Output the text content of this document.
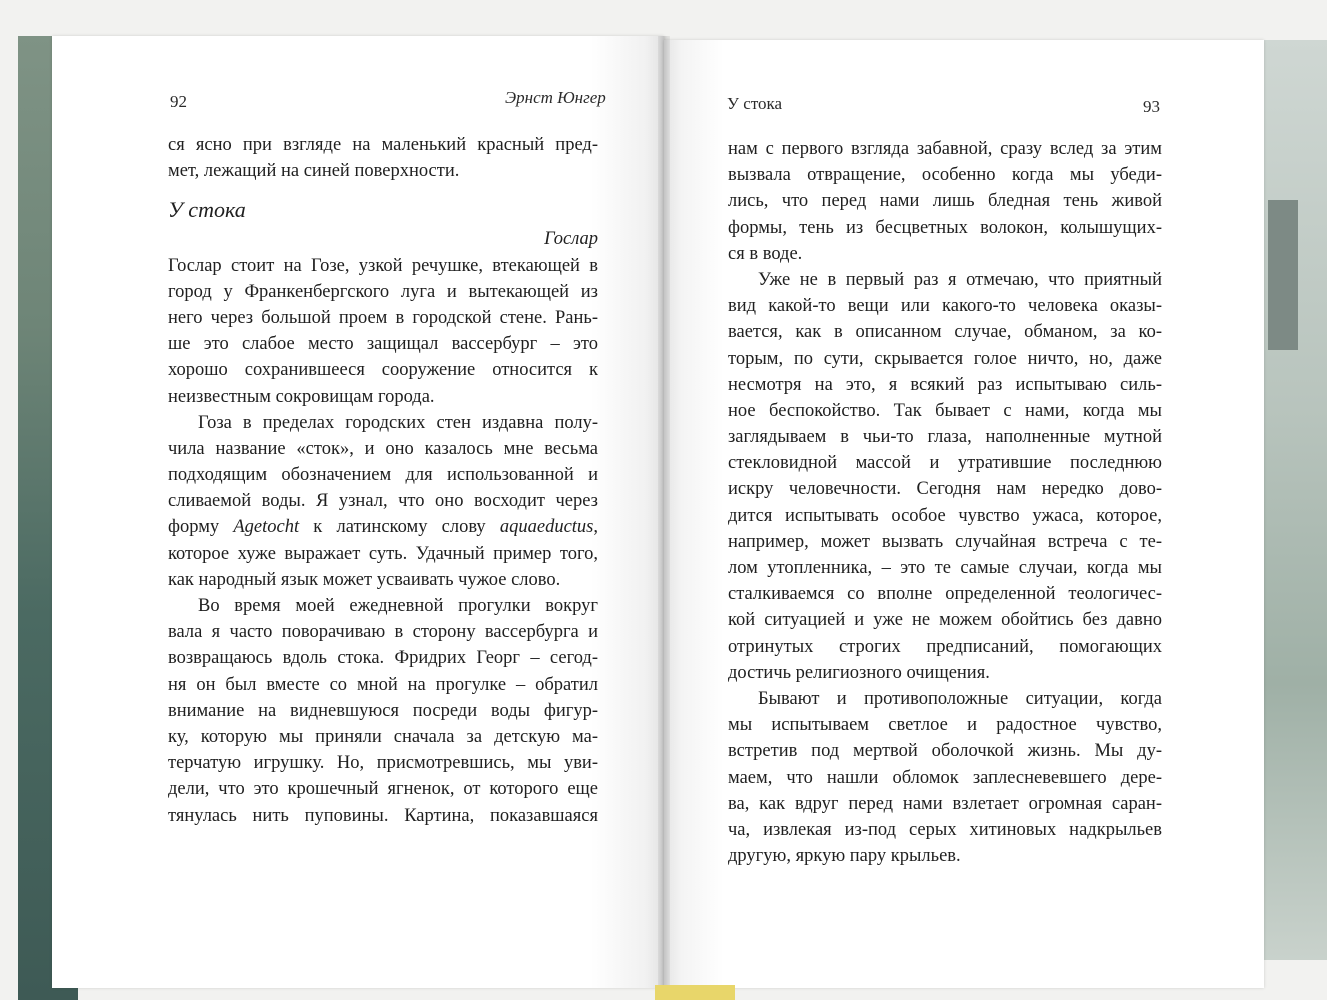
92	Эрнст Юнгер
ся ясно при взгляде на маленький красный пред-
мет, лежащий на синей поверхности.
У стока
Гослар
Гослар стоит на Гозе, узкой речушке, втекающей в
город у Франкенбергского луга и вытекающей из
него через большой проем в городской стене. Рань-
ше это слабое место защищал вассербург – это
хорошо сохранившееся сооружение относится к
неизвестным сокровищам города.
Гоза в пределах городских стен издавна полу-
чила название «сток», и оно казалось мне весьма
подходящим обозначением для использованной и
сливаемой воды. Я узнал, что оно восходит через
форму Agetocht к латинскому слову aquaeductus,
которое хуже выражает суть. Удачный пример того,
как народный язык может усваивать чужое слово.
Во время моей ежедневной прогулки вокруг
вала я часто поворачиваю в сторону вассербурга и
возвращаюсь вдоль стока. Фридрих Георг – сегод-
ня он был вместе со мной на прогулке – обратил
внимание на видневшуюся посреди воды фигур-
ку, которую мы приняли сначала за детскую ма-
терчатую игрушку. Но, присмотревшись, мы уви-
дели, что это крошечный ягненок, от которого еще
тянулась нить пуповины. Картина, показавшаяся
У стока	93
нам с первого взгляда забавной, сразу вслед за этим
вызвала отвращение, особенно когда мы убеди-
лись, что перед нами лишь бледная тень живой
формы, тень из бесцветных волокон, колышущих-
ся в воде.
Уже не в первый раз я отмечаю, что приятный
вид какой-то вещи или какого-то человека оказы-
вается, как в описанном случае, обманом, за ко-
торым, по сути, скрывается голое ничто, но, даже
несмотря на это, я всякий раз испытываю силь-
ное беспокойство. Так бывает с нами, когда мы
заглядываем в чьи-то глаза, наполненные мутной
стекловидной массой и утратившие последнюю
искру человечности. Сегодня нам нередко дово-
дится испытывать особое чувство ужаса, которое,
например, может вызвать случайная встреча с те-
лом утопленника, – это те самые случаи, когда мы
сталкиваемся со вполне определенной теологичес-
кой ситуацией и уже не можем обойтись без давно
отринутых строгих предписаний, помогающих
достичь религиозного очищения.
Бывают и противоположные ситуации, когда
мы испытываем светлое и радостное чувство,
встретив под мертвой оболочкой жизнь. Мы ду-
маем, что нашли обломок заплесневевшего дере-
ва, как вдруг перед нами взлетает огромная саран-
ча, извлекая из-под серых хитиновых надкрыльев
другую, яркую пару крыльев.
